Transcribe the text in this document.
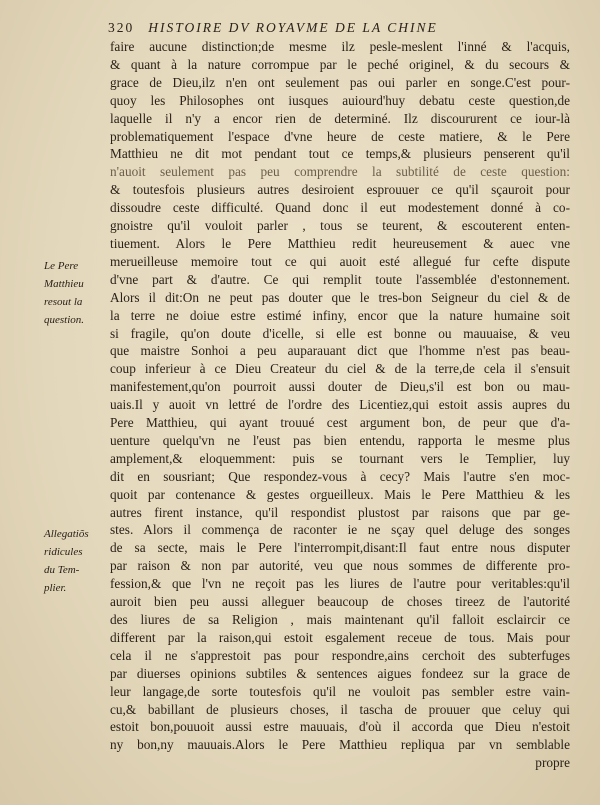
320 HISTOIRE DV ROYAVME DE LA CHINE
faire aucune distinction;de mesme ilz pesle-meslent l'inné & l'acquis,
& quant à la nature corrompue par le peché originel, & du secours &
grace de Dieu,ilz n'en ont seulement pas oui parler en songe.C'est pour-
quoy les Philosophes ont iusques auiourd'huy debatu ceste question,de
laquelle il n'y a encor rien de determiné. Ilz discoururent ce iour-là
problematiquement l'espace d'vne heure de ceste matiere, & le Pere
Matthieu ne dit mot pendant tout ce temps,& plusieurs penserent qu'il
n'auoit seulement pas peu comprendre la subtilité de ceste question:
& toutesfois plusieurs autres desiroient esprouuer ce qu'il sçauroit pour
dissoudre ceste difficulté. Quand donc il eut modestement donné à co-
gnoistre qu'il vouloit parler , tous se teurent, & escouterent enten-
tiuement. Alors le Pere Matthieu redit heureusement & auec vne
merueilleuse memoire tout ce qui auoit esté allegué fur cefte dispute
d'vne part & d'autre. Ce qui remplit toute l'assemblée d'estonnement.
Alors il dit:On ne peut pas douter que le tres-bon Seigneur du ciel & de
la terre ne doiue estre estimé infiny, encor que la nature humaine soit
si fragile, qu'on doute d'icelle, si elle est bonne ou mauuaise, & veu
que maistre Sonhoi a peu auparauant dict que l'homme n'est pas beau-
coup inferieur à ce Dieu Createur du ciel & de la terre,de cela il s'ensuit
manifestement,qu'on pourroit aussi douter de Dieu,s'il est bon ou mau-
uais.Il y auoit vn lettré de l'ordre des Licentiez,qui estoit assis aupres du
Pere Matthieu, qui ayant trouué cest argument bon, de peur que d'a-
uenture quelqu'vn ne l'eust pas bien entendu, rapporta le mesme plus
amplement,& eloquemment: puis se tournant vers le Templier, luy
dit en sousriant; Que respondez-vous à cecy? Mais l'autre s'en moc-
quoit par contenance & gestes orgueilleux. Mais le Pere Matthieu & les
autres firent instance, qu'il respondist plustost par raisons que par ge-
stes. Alors il commença de raconter ie ne sçay quel deluge des songes
de sa secte, mais le Pere l'interrompit,disant:Il faut entre nous disputer
par raison & non par autorité, veu que nous sommes de differente pro-
fession,& que l'vn ne reçoit pas les liures de l'autre pour veritables:qu'il
auroit bien peu aussi alleguer beaucoup de choses tireez de l'autorité
des liures de sa Religion , mais maintenant qu'il falloit esclaircir ce
different par la raison,qui estoit esgalement receue de tous. Mais pour
cela il ne s'apprestoit pas pour respondre,ains cerchoit des subterfuges
par diuerses opinions subtiles & sentences aigues fondeez sur la grace de
leur langage,de sorte toutesfois qu'il ne vouloit pas sembler estre vain-
cu,& babillant de plusieurs choses, il tascha de prouuer que celuy qui
estoit bon,pouuoit aussi estre mauuais, d'où il accorda que Dieu n'estoit
ny bon,ny mauuais.Alors le Pere Matthieu repliqua par vn semblable
propre
Le Pere
Matthieu
resout la
question.
Allegatiõs
ridicules
du Tem-
plier.
